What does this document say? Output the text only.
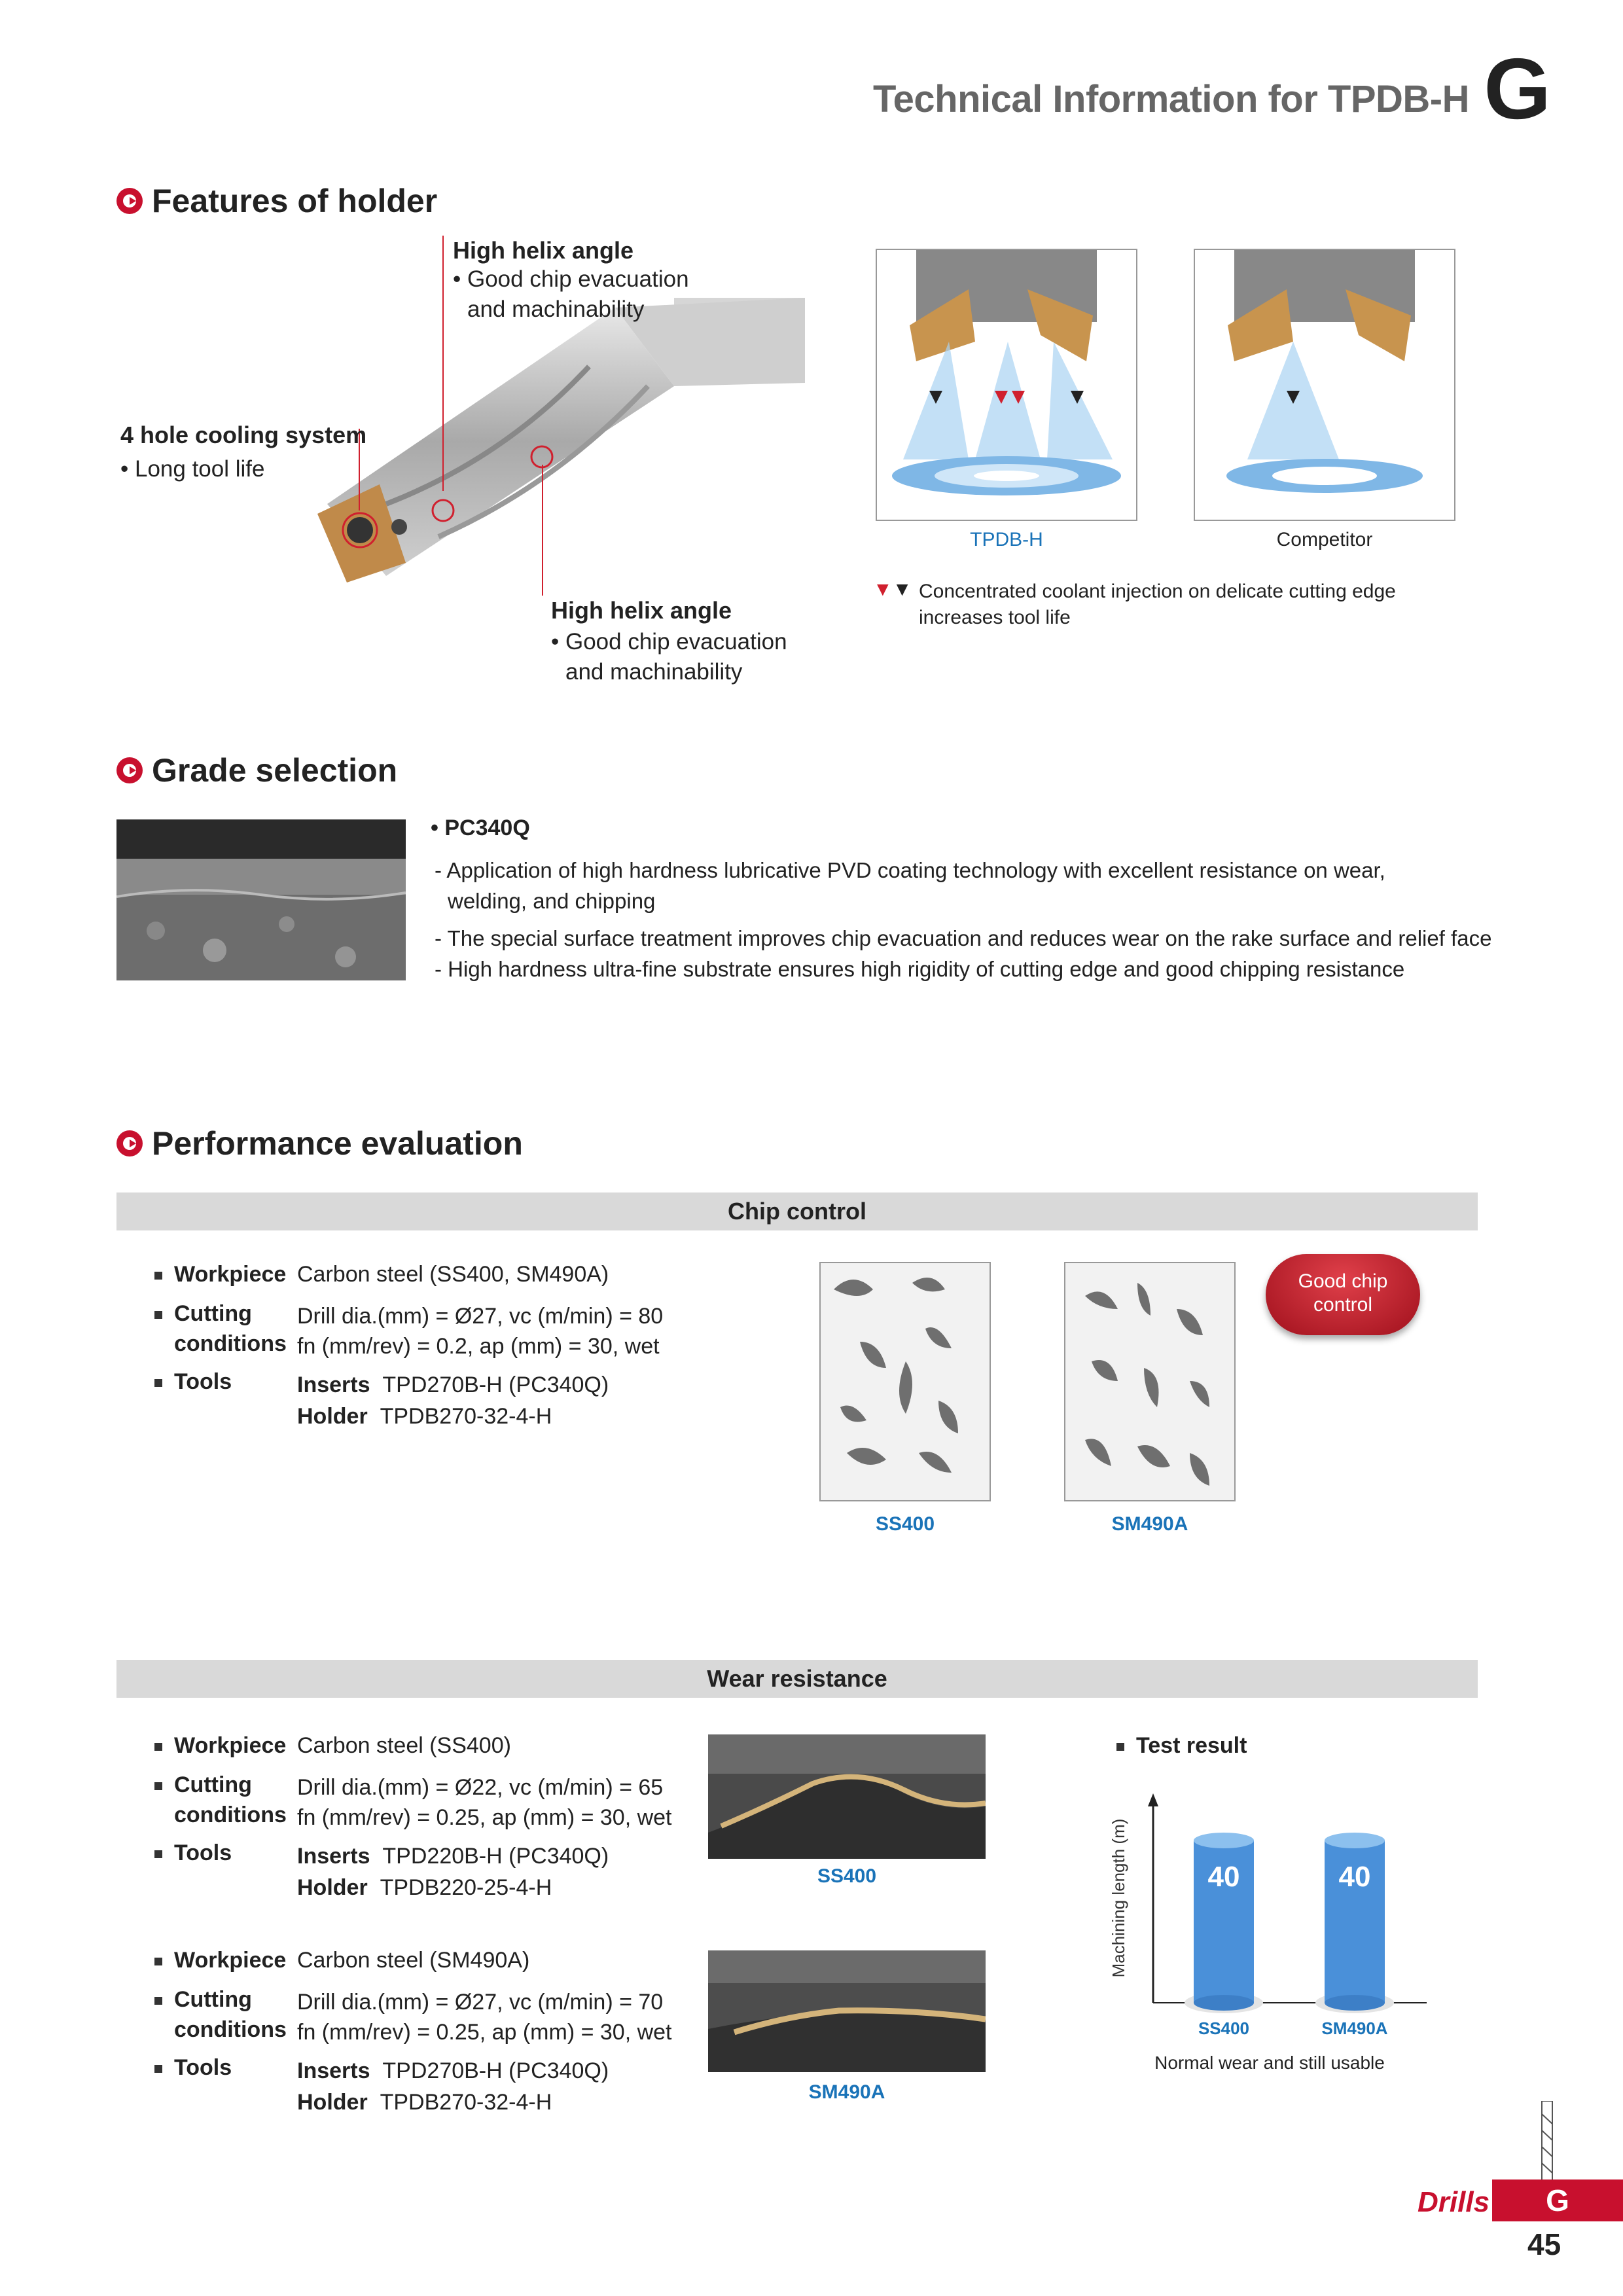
Technical Information for TPDB-H G
Features of holder
High helix angle
• Good chip evacuation
and machinability
4 hole cooling system
• Long tool life
High helix angle
• Good chip evacuation
and machinability
TPDB-H	Competitor
▼▼ Concentrated coolant injection on delicate cutting edge
increases tool life
Grade selection
• PC340Q
- Application of high hardness lubricative PVD coating technology with excellent resistance on wear,
welding, and chipping
- The special surface treatment improves chip evacuation and reduces wear on the rake surface and relief face
- High hardness ultra-fine substrate ensures high rigidity of cutting edge and good chipping resistance
Performance evaluation
Chip control
Workpiece Carbon steel (SS400, SM490A)
Cutting
conditions
Drill dia.(mm) = Ø27, vc (m/min) = 80
fn (mm/rev) = 0.2, ap (mm) = 30, wet
Tools	Inserts TPD270B-H (PC340Q)
Holder TPDB270-32-4-H
SS400	SM490A
Good chip
control
Wear resistance
Workpiece Carbon steel (SS400)
Cutting
conditions
Drill dia.(mm) = Ø22, vc (m/min) = 65
fn (mm/rev) = 0.25, ap (mm) = 30, wet
Tools	Inserts TPD220B-H (PC340Q)
Holder TPDB220-25-4-H	SS400
Workpiece Carbon steel (SM490A)
Cutting
conditions
Drill dia.(mm) = Ø27, vc (m/min) = 70
fn (mm/rev) = 0.25, ap (mm) = 30, wet
Tools	Inserts TPD270B-H (PC340Q)
Holder TPDB270-32-4-H	SM490A
Test result
Machining length (m)	40
SS400
40
SM490A
Normal wear and still usable
Drills	G
45
